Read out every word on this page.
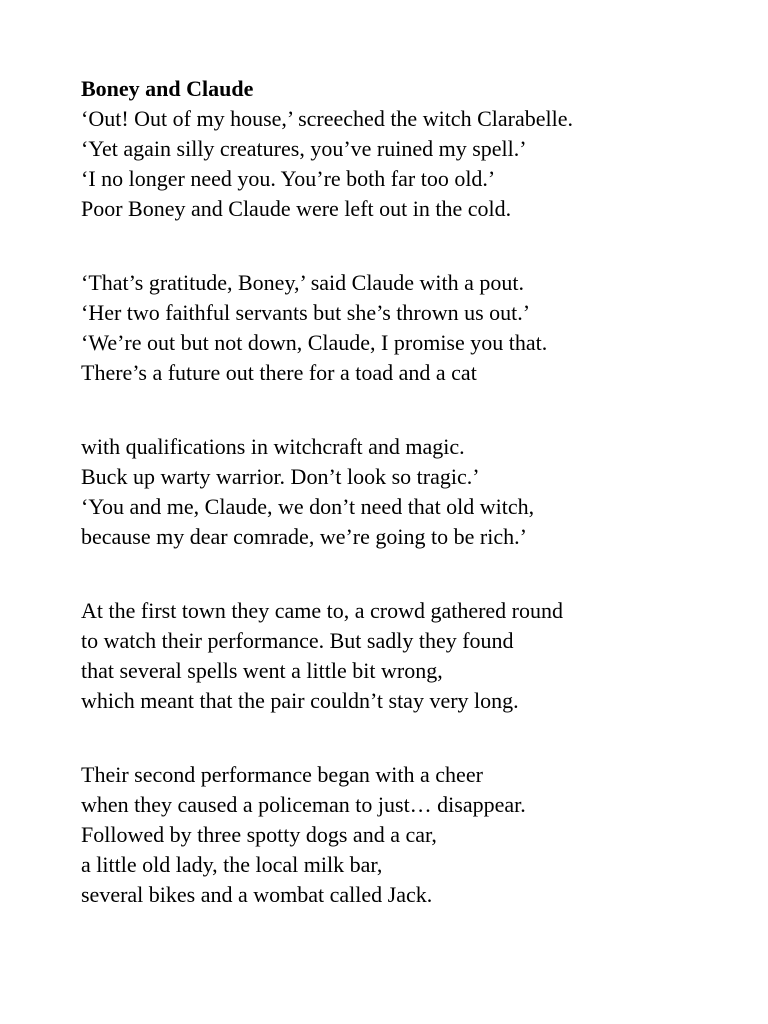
Boney and Claude
‘Out! Out of my house,’ screeched the witch Clarabelle.
‘Yet again silly creatures, you’ve ruined my spell.’
‘I no longer need you. You’re both far too old.’
Poor Boney and Claude were left out in the cold.
‘That’s gratitude, Boney,’ said Claude with a pout.
‘Her two faithful servants but she’s thrown us out.’
‘We’re out but not down, Claude, I promise you that.
There’s a future out there for a toad and a cat
with qualifications in witchcraft and magic.
Buck up warty warrior. Don’t look so tragic.’
‘You and me, Claude, we don’t need that old witch,
because my dear comrade, we’re going to be rich.’
At the first town they came to, a crowd gathered round
to watch their performance. But sadly they found
that several spells went a little bit wrong,
which meant that the pair couldn’t stay very long.
Their second performance began with a cheer
when they caused a policeman to just… disappear.
Followed by three spotty dogs and a car,
a little old lady, the local milk bar,
several bikes and a wombat called Jack.
